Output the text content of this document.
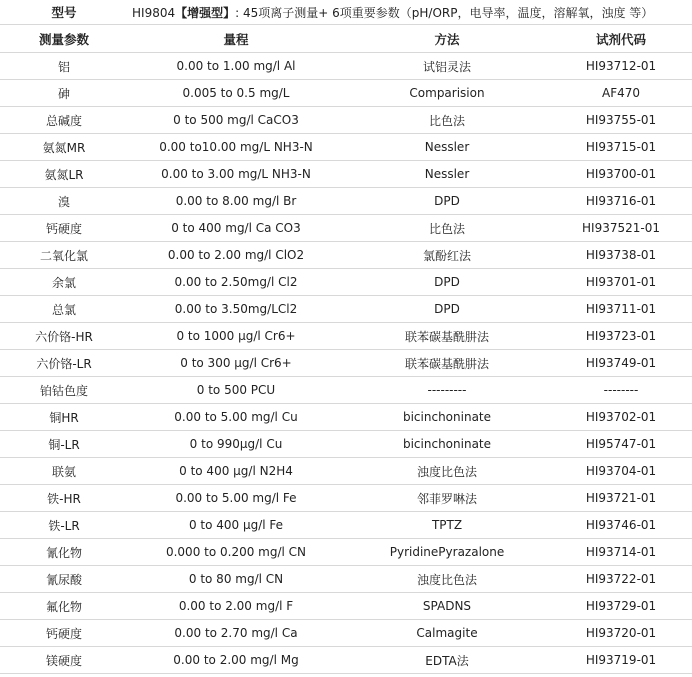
型号	HI9804【增强型】: 45项离子测量+ 6项重要参数（pH/ORP，电导率，温度，溶解氧，浊度 等）		
测量参数	量程	方法	试剂代码
铝	0.00 to 1.00 mg/l Al	试铝灵法	HI93712-01
砷	0.005 to 0.5 mg/L	Comparision	AF470
总碱度	0 to 500 mg/l CaCO3	比色法	HI93755-01
氨氮MR	0.00 to10.00 mg/L NH3-N	Nessler	HI93715-01
氨氮LR	0.00 to 3.00 mg/L NH3-N	Nessler	HI93700-01
溴	0.00 to 8.00 mg/l Br	DPD	HI93716-01
钙硬度	0 to 400 mg/l Ca CO3	比色法	HI937521-01
二氧化氯	0.00 to 2.00 mg/l ClO2	氯酚红法	HI93738-01
余氯	0.00 to 2.50mg/l Cl2	DPD	HI93701-01
总氯	0.00 to 3.50mg/LCl2	DPD	HI93711-01
六价铬-HR	0 to 1000 µg/l Cr6+	联苯碳基酰肼法	HI93723-01
六价铬-LR	0 to 300 µg/l Cr6+	联苯碳基酰肼法	HI93749-01
铂钴色度	0 to 500 PCU	---------	--------
铜HR	0.00 to 5.00 mg/l Cu	bicinchoninate	HI93702-01
铜-LR	0 to 990µg/l Cu	bicinchoninate	HI95747-01
联氨	0 to 400 µg/l N2H4	浊度比色法	HI93704-01
铁-HR	0.00 to 5.00 mg/l Fe	邻菲罗啉法	HI93721-01
铁-LR	0 to 400 µg/l Fe	TPTZ	HI93746-01
氰化物	0.000 to 0.200 mg/l CN	PyridinePyrazalone	HI93714-01
氰尿酸	0 to 80 mg/l CN	浊度比色法	HI93722-01
氟化物	0.00 to 2.00 mg/l F	SPADNS	HI93729-01
钙硬度	0.00 to 2.70 mg/l Ca	Calmagite	HI93720-01
镁硬度	0.00 to 2.00 mg/l Mg	EDTA法	HI93719-01
